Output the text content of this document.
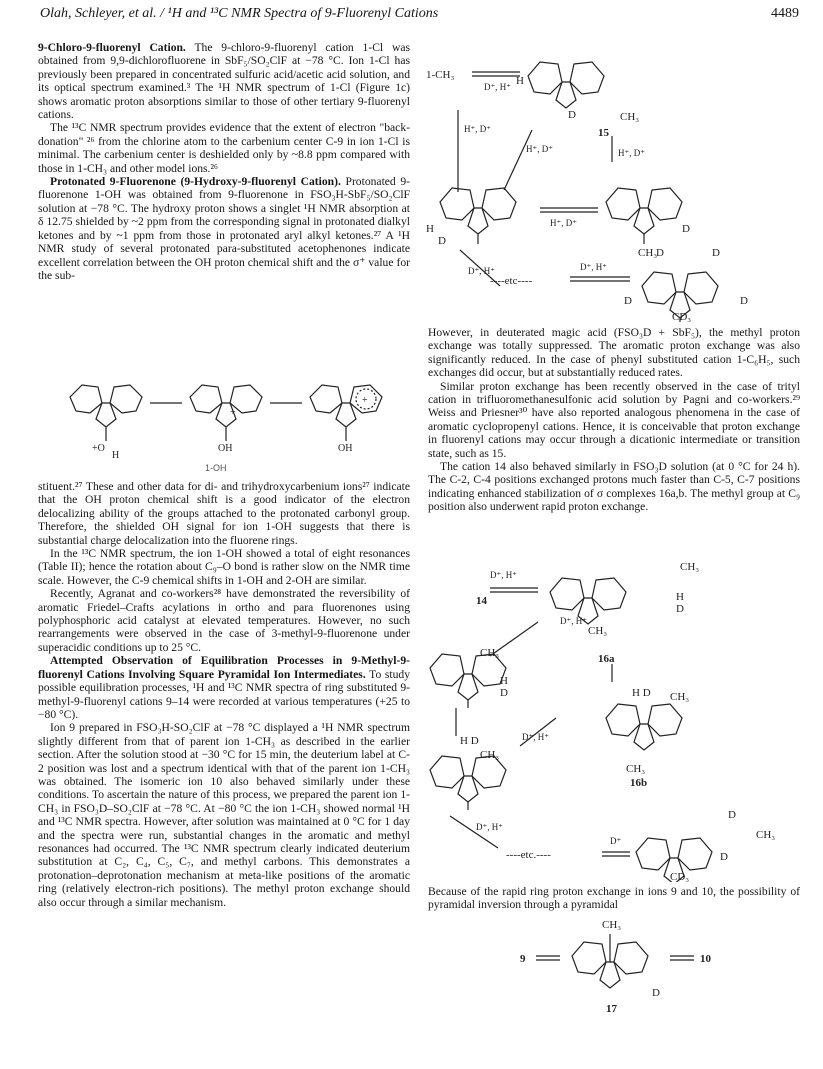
Olah, Schleyer, et al. / ¹H and ¹³C NMR Spectra of 9-Fluorenyl Cations	4489

9-Chloro-9-fluorenyl Cation. The 9-chloro-9-fluorenyl cation 1-Cl was obtained from 9,9-dichlorofluorene in SbF₅/SO₂ClF at −78 °C. Ion 1-Cl has previously been prepared in concentrated sulfuric acid/acetic acid solution, and its optical spectrum examined.³ The ¹H NMR spectrum of 1-Cl (Figure 1c) shows aromatic proton absorptions similar to those of other tertiary 9-fluorenyl cations.

The ¹³C NMR spectrum provides evidence that the extent of electron "back-donation" ²⁶ from the chlorine atom to the carbenium center C-9 in ion 1-Cl is minimal. The carbenium center is deshielded only by ~8.8 ppm compared with those in 1-CH₃ and other model ions.²⁶

Protonated 9-Fluorenone (9-Hydroxy-9-fluorenyl Cation). Protonated 9-fluorenone 1-OH was obtained from 9-fluorenone in FSO₃H-SbF₅/SO₂ClF solution at −78 °C. The hydroxy proton shows a singlet ¹H NMR absorption at δ 12.75 shielded by ~2 ppm from the corresponding signal in protonated dialkyl ketones and by ~1 ppm from those in protonated aryl alkyl ketones.²⁷ A ¹H NMR study of several protonated para-substituted acetophenones indicate excellent correlation between the OH proton chemical shift and the σ⁺ value for the sub-

+O
H
OH	OH
+
+
1-OH

stituent.²⁷ These and other data for di- and trihydroxycarbenium ions²⁷ indicate that the OH proton chemical shift is a good indicator of the electron delocalizing ability of the groups attached to the protonated carbonyl group. Therefore, the shielded OH signal for ion 1-OH suggests that there is substantial charge delocalization into the fluorene rings.

In the ¹³C NMR spectrum, the ion 1-OH showed a total of eight resonances (Table II); hence the rotation about C₉–O bond is rather slow on the NMR time scale. However, the C-9 chemical shifts in 1-OH and 2-OH are similar.

Recently, Agranat and co-workers²⁸ have demonstrated the reversibility of aromatic Friedel–Crafts acylations in ortho and para fluorenones using polyphosphoric acid catalyst at elevated temperatures. However, no such rearrangements were observed in the case of 3-methyl-9-fluorenone under superacidic conditions up to 25 °C.

Attempted Observation of Equilibration Processes in 9-Methyl-9-fluorenyl Cations Involving Square Pyramidal Ion Intermediates. To study possible equilibration processes, ¹H and ¹³C NMR spectra of ring substituted 9-methyl-9-fluorenyl cations 9–14 were recorded at various temperatures (+25 to −80 °C).

Ion 9 prepared in FSO₃H-SO₂ClF at −78 °C displayed a ¹H NMR spectrum slightly different from that of parent ion 1-CH₃ as described in the earlier section. After the solution stood at −30 °C for 15 min, the deuterium label at C-2 position was lost and a spectrum identical with that of the parent ion 1-CH₃ was obtained. The isomeric ion 10 also behaved similarly under these conditions. To ascertain the nature of this process, we prepared the parent ion 1-CH₃ in FSO₃D–SO₂ClF at −78 °C. At −80 °C the ion 1-CH₃ showed normal ¹H and ¹³C NMR spectra. However, after solution was maintained at 0 °C for 1 day and the spectra were run, substantial changes in the aromatic and methyl resonances had occurred. The ¹³C NMR spectrum clearly indicated deuterium substitution at C₂, C₄, C₅, C₇, and methyl carbons. This demonstrates a protonation–deprotonation mechanism at meta-like positions of the aromatic ring (relatively electron-rich positions). The methyl proton exchange should also occur through a similar mechanism.

1-CH₃
D⁺, H⁺ H
D	CH₃
15
H⁺, D⁺
H⁺, D⁺	H⁺, D⁺
H⁺, D⁺
H
D
CH₃
D
D⁺, H⁺	D⁺, H⁺
----etc----
D	D
D	D
CD₃

However, in deuterated magic acid (FSO₃D + SbF₅), the methyl proton exchange was totally suppressed. The aromatic proton exchange was also significantly reduced. In the case of phenyl substituted cation 1-C₆H₅, such exchanges did occur, but at substantially reduced rates.

Similar proton exchange has been recently observed in the case of trityl cation in trifluoromethanesulfonic acid solution by Pagni and co-workers.²⁹ Weiss and Priesner³⁰ have also reported analogous phenomena in the case of aromatic cyclopropenyl cations. Hence, it is conceivable that proton exchange in fluorenyl cations may occur through a dicationic intermediate or transition state, such as 15.

The cation 14 also behaved similarly in FSO₃D solution (at 0 °C for 24 h). The C-2, C-4 positions exchanged protons much faster than C-5, C-7 positions indicating enhanced stabilization of σ complexes 16a,b. The methyl group at C₉ position also underwent rapid proton exchange.

14
D⁺, H⁺
CH₃
H
D
CH₃
D⁺, H⁺
16a
CH₃
H
D	H D CH₃
D⁺, H⁺
H D
CH₃
CH₃
16b
D⁺, H⁺
D
CH₃
D⁺
----etc.----	D
CD₃

Because of the rapid ring proton exchange in ions 9 and 10, the possibility of pyramidal inversion through a pyramidal

9	10
CH₃
D
17
